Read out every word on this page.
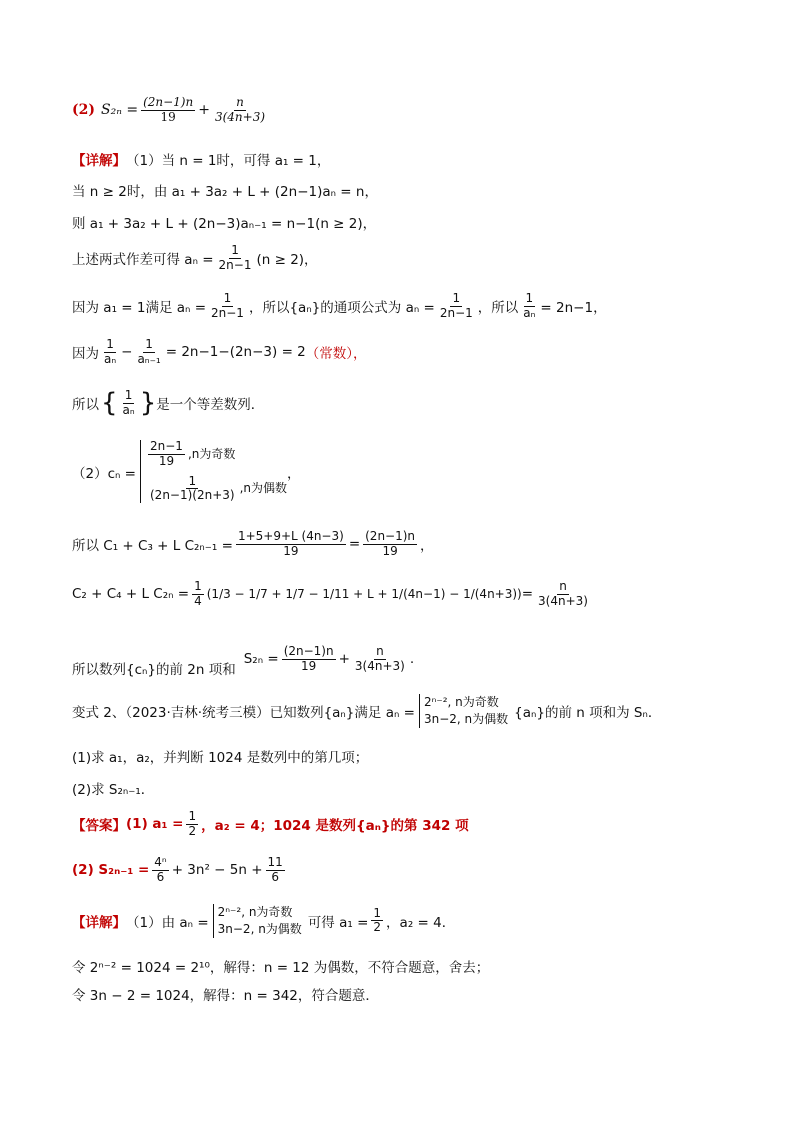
(2) $S_{2n} = \frac{(2n-1)n}{19} + \frac{n}{3(4n+3)}$
【详解】 （1）当 n = 1时，可得 a₁ = 1，
当 n ≥ 2时，由 a₁ + 3a₂ + L + (2n−1)aₙ = n，
则 a₁ + 3a₂ + L + (2n−3)aₙ₋₁ = n−1(n ≥ 2)，
上述两式作差可得 $a_n = \frac{1}{2n-1} (n \ge 2)$，
因为 a₁ = 1满足 $a_n = \frac{1}{2n-1}$ ，所以{aₙ}的通项公式为 $a_n = \frac{1}{2n-1}$ ，所以 $\frac{1}{\text{aₙ}} = 2n-1$，
因为 $\frac{1}{\text{aₙ}} - \frac{1}{\text{aₙ₋₁}} = 2n-1-(2n-3) = 2$ （常数），
所以 { $\frac{1}{\text{aₙ}}$ } 是一个等差数列．
（2）cₙ =
$\frac{2n-1}{19} ,n$为奇数
$\frac{1}{(2n-1)(2n+3)} ,n$为偶数
，
所以 C₁ + C₃ + L $C_{2n-1} = \frac{1+5+9+L (4n-3)}{19} = \frac{(2n-1)n}{19}$ ，
C₂ + C₄ + L $C_{2n} = \frac{1}{4} (1/3 - 1/7 + 1/7 - 1/11 + L + 1/(4n-1) - 1/(4n+3)) = \frac{n}{3(4n+3)}$
所以数列{cₙ}的前 2n 项和
$S_{2n} = \frac{(2n-1)n}{19} + \frac{n}{3(4n+3)}$ .
变式 2、（2023·吉林·统考三模）已知数列{aₙ}满足 aₙ =
2ⁿ⁻², n为奇数
3n−2, n为偶数 {aₙ}的前 n 项和为 Sₙ．
(1)求 a₁，a₂，并判断 1024 是数列中的第几项；
(2)求 S₂ₙ₋₁．
【答案】 (1) $a_1 = \frac{1}{2}$ ，a₂ = 4；1024 是数列{aₙ}的第 342 项
(2) $S_{2n-1} = \frac{\text{4ⁿ}}{6} + 3n^2 - 5n + \frac{11}{6}$
【详解】 （1）由 aₙ =
2ⁿ⁻², n为奇数
3n−2, n为偶数 可得 $a_1 = \frac{1}{2}$ ，a₂ = 4．
令 2ⁿ⁻² = 1024 = 2¹⁰，解得：n = 12 为偶数，不符合题意，舍去；
令 3n − 2 = 1024，解得：n = 342，符合题意．
